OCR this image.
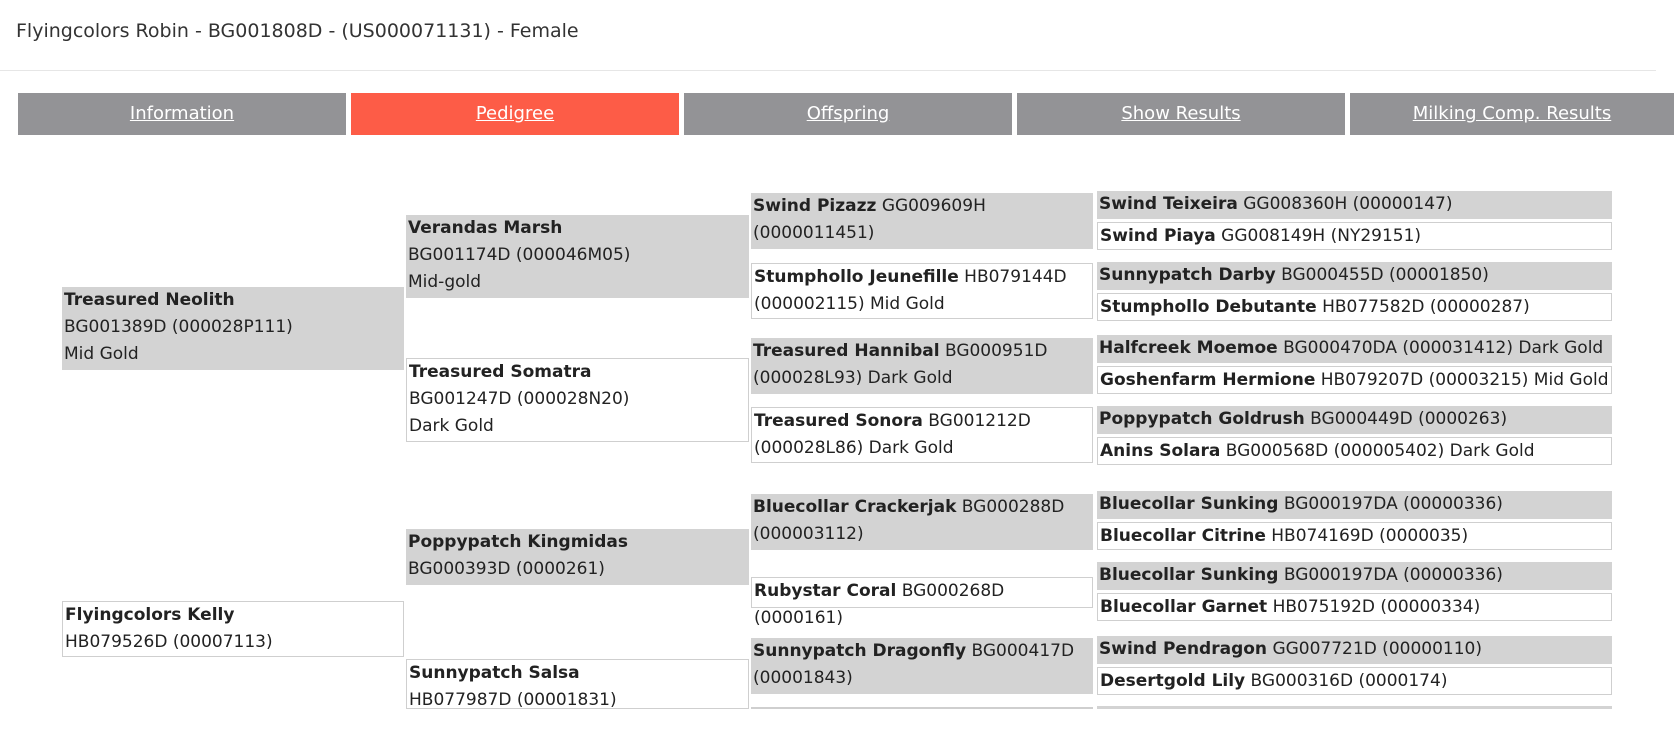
Flyingcolors Robin - BG001808D - (US000071131) - Female
Information	Pedigree	Offspring	Show Results	Milking Comp. Results
Treasured Neolith
BG001389D (000028P111)
Mid Gold
Flyingcolors Kelly
HB079526D (00007113)
Verandas Marsh
BG001174D (000046M05)
Mid-gold
Treasured Somatra
BG001247D (000028N20)
Dark Gold
Poppypatch Kingmidas
BG000393D (0000261)
Sunnypatch Salsa
HB077987D (00001831)
Swind Pizazz GG009609H
(0000011451)
Stumphollo Jeunefille HB079144D
(000002115) Mid Gold
Treasured Hannibal BG000951D
(000028L93) Dark Gold
Treasured Sonora BG001212D
(000028L86) Dark Gold
Bluecollar Crackerjak BG000288D
(000003112)
Rubystar Coral BG000268D (0000161)
Sunnypatch Dragonfly BG000417D
(00001843)
Swind Teixeira GG008360H (00000147)
Swind Piaya GG008149H (NY29151)
Sunnypatch Darby BG000455D (00001850)
Stumphollo Debutante HB077582D (00000287)
Halfcreek Moemoe BG000470DA (000031412) Dark Gold
Goshenfarm Hermione HB079207D (00003215) Mid Gold
Poppypatch Goldrush BG000449D (0000263)
Anins Solara BG000568D (000005402) Dark Gold
Bluecollar Sunking BG000197DA (00000336)
Bluecollar Citrine HB074169D (0000035)
Bluecollar Sunking BG000197DA (00000336)
Bluecollar Garnet HB075192D (00000334)
Swind Pendragon GG007721D (00000110)
Desertgold Lily BG000316D (0000174)
